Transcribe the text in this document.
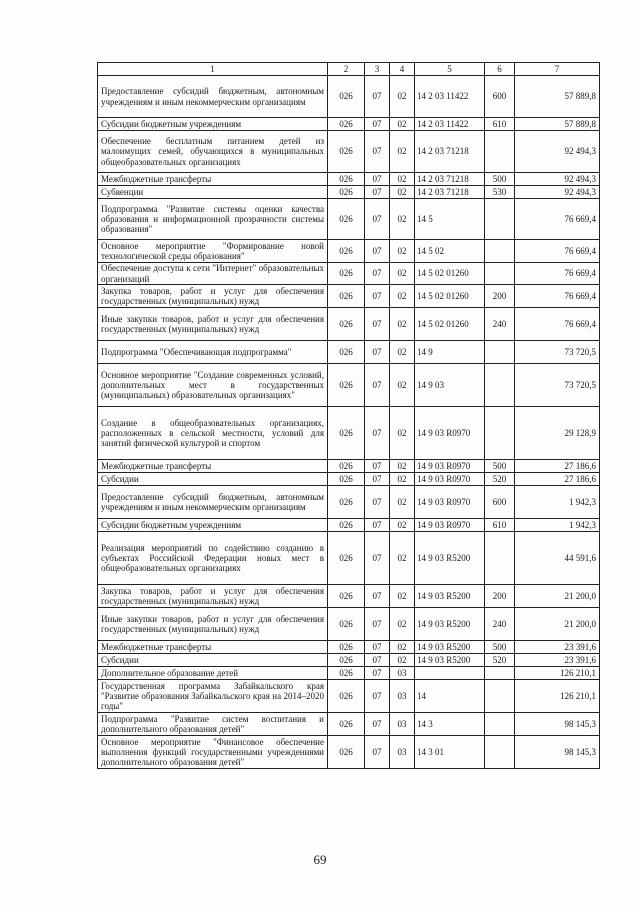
1	2	3	4	5	6	7
Предоставление субсидий бюджетным, автономным учреждениям и иным некоммерческим организациям	026	07	02	14 2 03 11422	600	57 889,8
Субсидии бюджетным учреждениям	026	07	02	14 2 03 11422	610	57 889,8
Обеспечение бесплатным питанием детей из малоимущих семей, обучающихся в муниципальных общеобразовательных организациях	026	07	02	14 2 03 71218		92 494,3
Межбюджетные трансферты	026	07	02	14 2 03 71218	500	92 494,3
Субвенции	026	07	02	14 2 03 71218	530	92 494,3
Подпрограмма "Развитие системы оценки качества образования и информационной прозрачности системы образования"	026	07	02	14 5		76 669,4
Основное мероприятие "Формирование новой технологической среды образования"	026	07	02	14 5 02		76 669,4
Обеспечение доступа к сети "Интернет" образовательных организаций	026	07	02	14 5 02 01260		76 669,4
Закупка товаров, работ и услуг для обеспечения государственных (муниципальных) нужд	026	07	02	14 5 02 01260	200	76 669,4
Иные закупки товаров, работ и услуг для обеспечения государственных (муниципальных) нужд	026	07	02	14 5 02 01260	240	76 669,4
Подпрограмма "Обеспечивающая подпрограмма"	026	07	02	14 9		73 720,5
Основное мероприятие "Создание современных условий, дополнительных мест в государственных (муниципальных) образовательных организациях"	026	07	02	14 9 03		73 720,5
Создание в общеобразовательных организациях, расположенных в сельской местности, условий для занятий физической культурой и спортом	026	07	02	14 9 03 R0970		29 128,9
Межбюджетные трансферты	026	07	02	14 9 03 R0970	500	27 186,6
Субсидии	026	07	02	14 9 03 R0970	520	27 186,6
Предоставление субсидий бюджетным, автономным учреждениям и иным некоммерческим организациям	026	07	02	14 9 03 R0970	600	1 942,3
Субсидии бюджетным учреждениям	026	07	02	14 9 03 R0970	610	1 942,3
Реализация мероприятий по содействию созданию в субъектах Российской Федерации новых мест в общеобразовательных организациях	026	07	02	14 9 03 R5200		44 591,6
Закупка товаров, работ и услуг для обеспечения государственных (муниципальных) нужд	026	07	02	14 9 03 R5200	200	21 200,0
Иные закупки товаров, работ и услуг для обеспечения государственных (муниципальных) нужд	026	07	02	14 9 03 R5200	240	21 200,0
Межбюджетные трансферты	026	07	02	14 9 03 R5200	500	23 391,6
Субсидии	026	07	02	14 9 03 R5200	520	23 391,6
Дополнительное образование детей	026	07	03			126 210,1
Государственная программа Забайкальского края "Развитие образования Забайкальского края на 2014–2020 годы"	026	07	03	14		126 210,1
Подпрограмма "Развитие систем воспитания и дополнительного образования детей"	026	07	03	14 3		98 145,3
Основное мероприятие "Финансовое обеспечение выполнения функций государственными учреждениями дополнительного образования детей"	026	07	03	14 3 01		98 145,3
69
